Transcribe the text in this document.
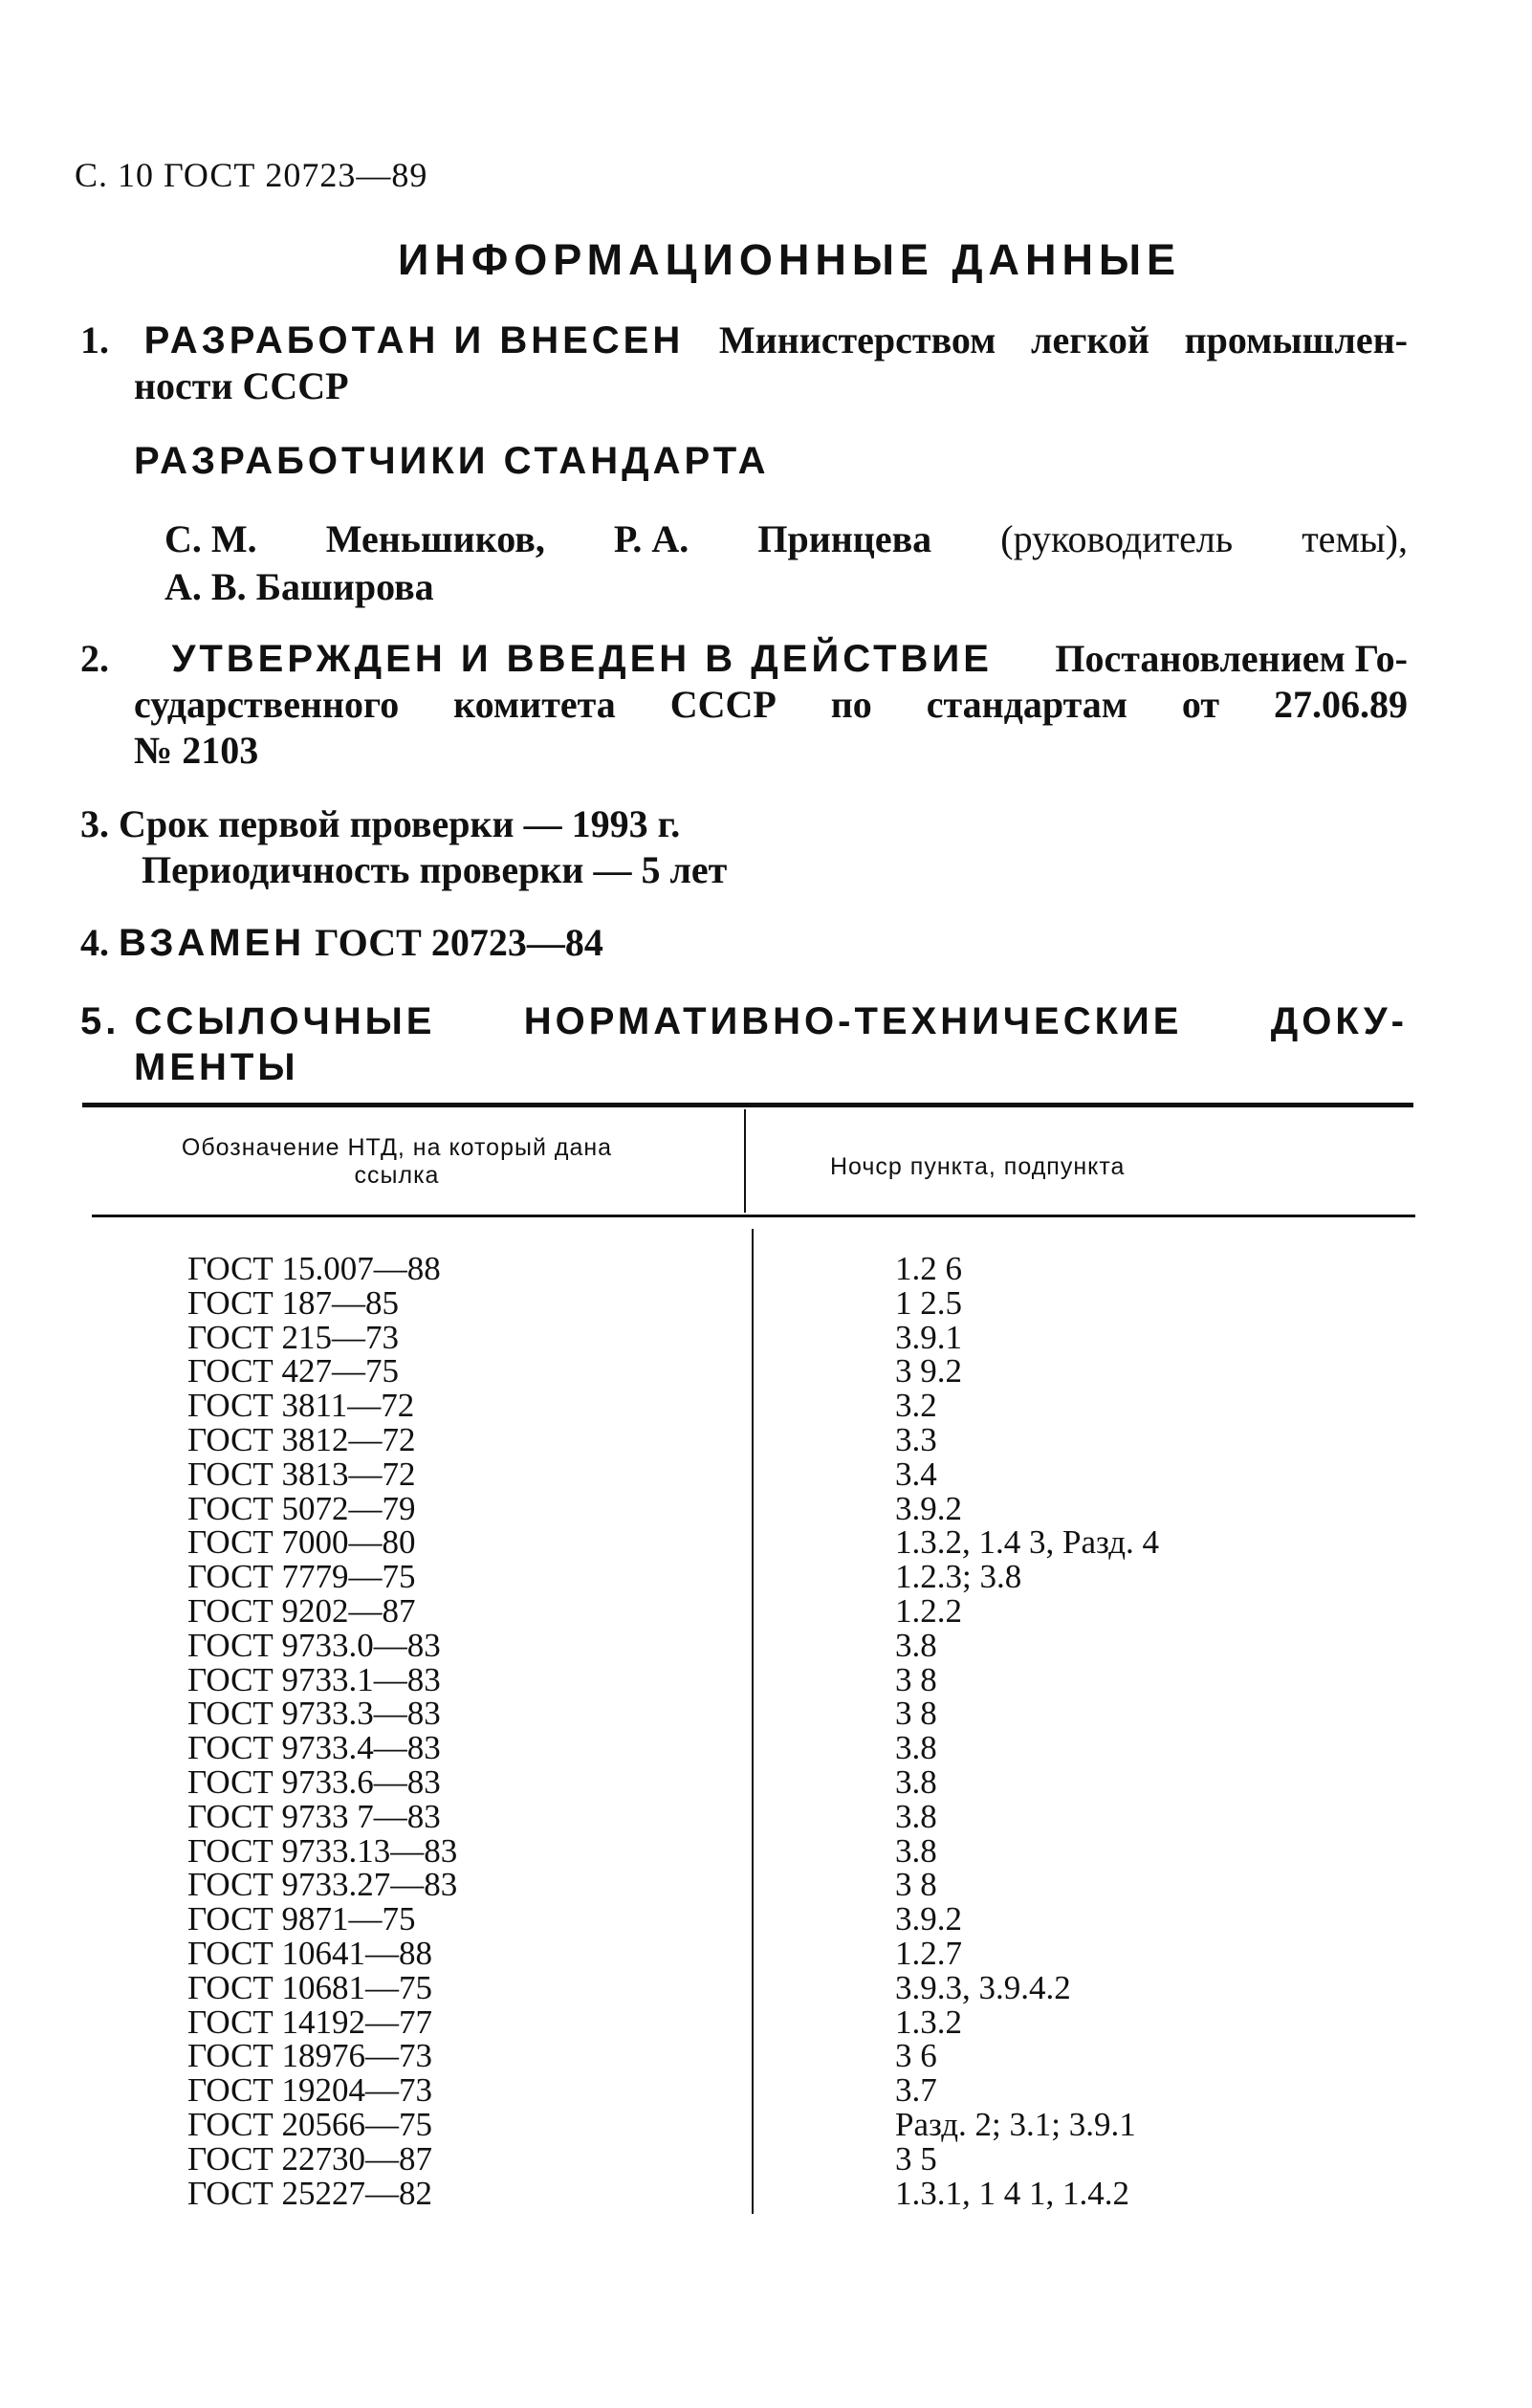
С. 10 ГОСТ 20723—89
ИНФОРМАЦИОННЫЕ ДАННЫЕ
1. РАЗРАБОТАН И ВНЕСЕН Министерством легкой промышлен-
ности СССР
РАЗРАБОТЧИКИ СТАНДАРТА
С. М. Меньшиков, Р. А. Принцева (руководитель темы),
А. В. Баширова
2. УТВЕРЖДЕН И ВВЕДЕН В ДЕЙСТВИЕ Постановлением Го-
сударственного комитета СССР по стандартам от 27.06.89
№ 2103
3. Срок первой проверки — 1993 г.
Периодичность проверки — 5 лет
4. ВЗАМЕН ГОСТ 20723—84
5. ССЫЛОЧНЫЕ НОРМАТИВНО-ТЕХНИЧЕСКИЕ ДОКУ-
МЕНТЫ
Обозначение НТД, на который дана ссылка	Ночср пункта, подпункта
ГОСТ 15.007—88	1.2 6
ГОСТ 187—85	1 2.5
ГОСТ 215—73	3.9.1
ГОСТ 427—75	3 9.2
ГОСТ 3811—72	3.2
ГОСТ 3812—72	3.3
ГОСТ 3813—72	3.4
ГОСТ 5072—79	3.9.2
ГОСТ 7000—80	1.3.2, 1.4 3, Разд. 4
ГОСТ 7779—75	1.2.3; 3.8
ГОСТ 9202—87	1.2.2
ГОСТ 9733.0—83	3.8
ГОСТ 9733.1—83	3 8
ГОСТ 9733.3—83	3 8
ГОСТ 9733.4—83	3.8
ГОСТ 9733.6—83	3.8
ГОСТ 9733 7—83	3.8
ГОСТ 9733.13—83	3.8
ГОСТ 9733.27—83	3 8
ГОСТ 9871—75	3.9.2
ГОСТ 10641—88	1.2.7
ГОСТ 10681—75	3.9.3, 3.9.4.2
ГОСТ 14192—77	1.3.2
ГОСТ 18976—73	3 6
ГОСТ 19204—73	3.7
ГОСТ 20566—75	Разд. 2; 3.1; 3.9.1
ГОСТ 22730—87	3 5
ГОСТ 25227—82	1.3.1, 1 4 1, 1.4.2
